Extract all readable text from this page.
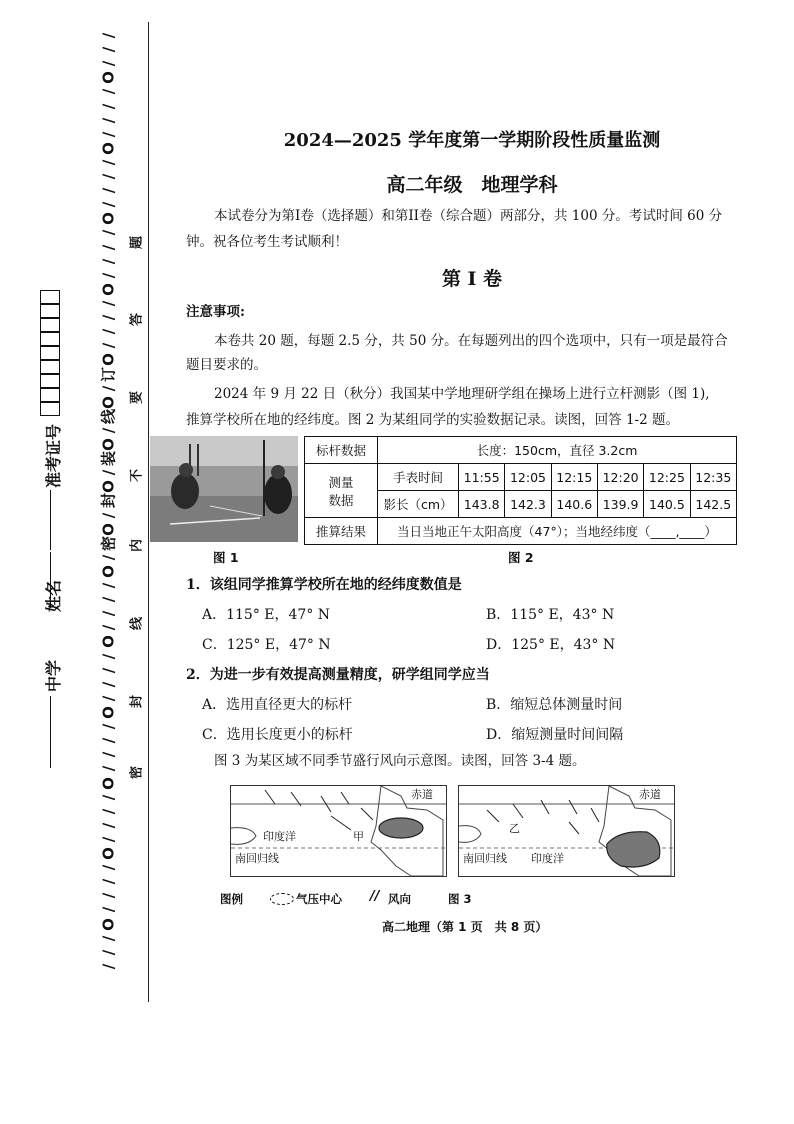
准考证号
姓名
中学
/
/
/
O
/
/
/
/
O
/
/
/
/
O
/
/
/
/
O
/
/
/
/
O
订
/
O
线
/
O
装
/
O
封
/
O
密
/
O
/
/
/
/
O
/
/
/
/
O
/
/
/
/
O
/
/
/
/
O
/
/
/
/
O
/
/
/
题
答
要
不
内
线
封
密
2024—2025 学年度第一学期阶段性质量监测
高二年级　地理学科
本试卷分为第I卷（选择题）和第II卷（综合题）两部分，共 100 分。考试时间 60 分
钟。祝各位考生考试顺利！
第 I 卷
注意事项:
本卷共 20 题，每题 2.5 分，共 50 分。在每题列出的四个选项中，只有一项是最符合
题目要求的。
2024 年 9 月 22 日（秋分）我国某中学地理研学组在操场上进行立杆测影（图 1),
推算学校所在地的经纬度。图 2 为某组同学的实验数据记录。读图，回答 1-2 题。
图 1
标杆数据	长度：150cm，直径 3.2cm						

测量
数据	手表时间	11:55	12:05	12:15	12:20	12:25	12:35
	影长（cm）	143.8	142.3	140.6	139.9	140.5	142.5
推算结果	当日当地正午太阳高度（47°）；当地经纬度（____,____）						
图 2
1．该组同学推算学校所在地的经纬度数值是
A．115° E，47° N	B．115° E，43° N
C．125° E，47° N	D．125° E，43° N
2．为进一步有效提高测量精度，研学组同学应当
A．选用直径更大的标杆	B．缩短总体测量时间
C．选用长度更小的标杆	D．缩短测量时间间隔
图 3 为某区域不同季节盛行风向示意图。读图，回答 3-4 题。
赤道
印度洋	甲
南回归线
赤道
印度洋
乙
南回归线
图例	气压中心 // 风向	图 3
高二地理（第 1 页　共 8 页）
